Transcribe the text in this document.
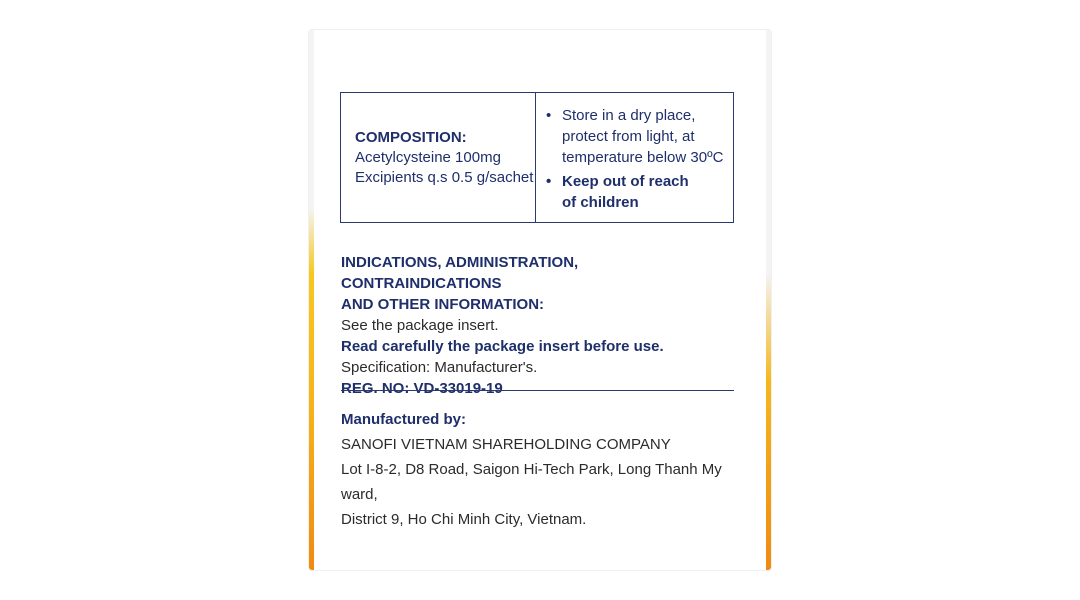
COMPOSITION:
Acetylcysteine 100mg
Excipients q.s 0.5 g/sachet
• Store in a dry place,
protect from light, at
temperature below 30ºC
• Keep out of reach
of children
INDICATIONS, ADMINISTRATION, CONTRAINDICATIONS
AND OTHER INFORMATION:
See the package insert.
Read carefully the package insert before use.
Specification: Manufacturer's.
REG. NO: VD-33019-19
Manufactured by:
SANOFI VIETNAM SHAREHOLDING COMPANY
Lot I-8-2, D8 Road, Saigon Hi-Tech Park, Long Thanh My ward,
District 9, Ho Chi Minh City, Vietnam.
